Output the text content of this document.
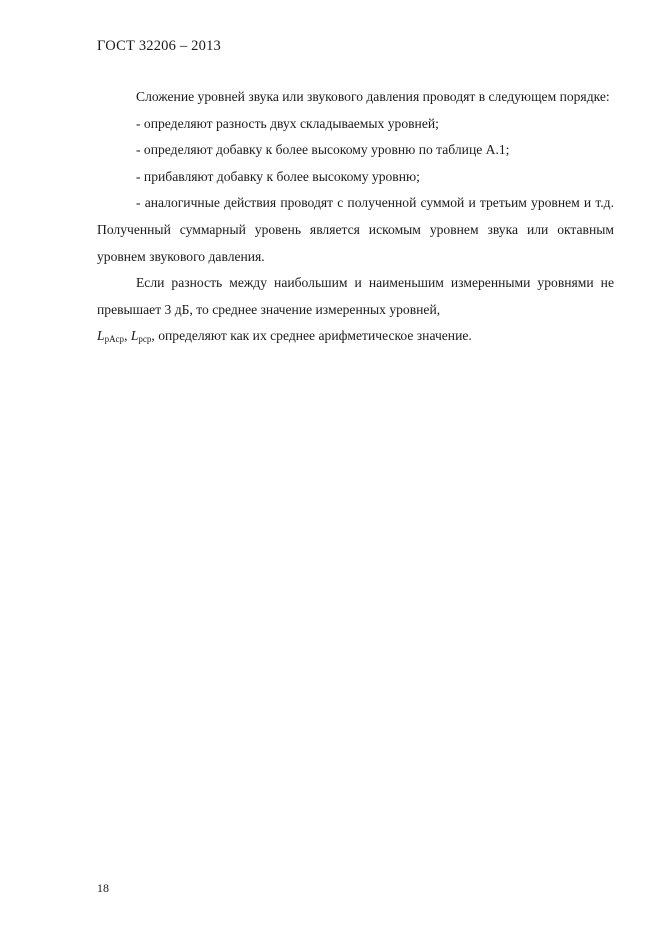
ГОСТ 32206 – 2013

Сложение уровней звука или звукового давления проводят в следующем порядке:

- определяют разность двух складываемых уровней;

- определяют добавку к более высокому уровню по таблице А.1;

- прибавляют добавку к более высокому уровню;

- аналогичные действия проводят с полученной суммой и третьим уровнем и т.д. Полученный суммарный уровень является искомым уровнем звука или октавным уровнем звукового давления.

Если разность между наибольшим и наименьшим измеренными уровнями не превышает 3 дБ, то среднее значение измеренных уровней,

$L_{pAср}$, $L_{pср}$, определяют как их среднее арифметическое значение.

18
